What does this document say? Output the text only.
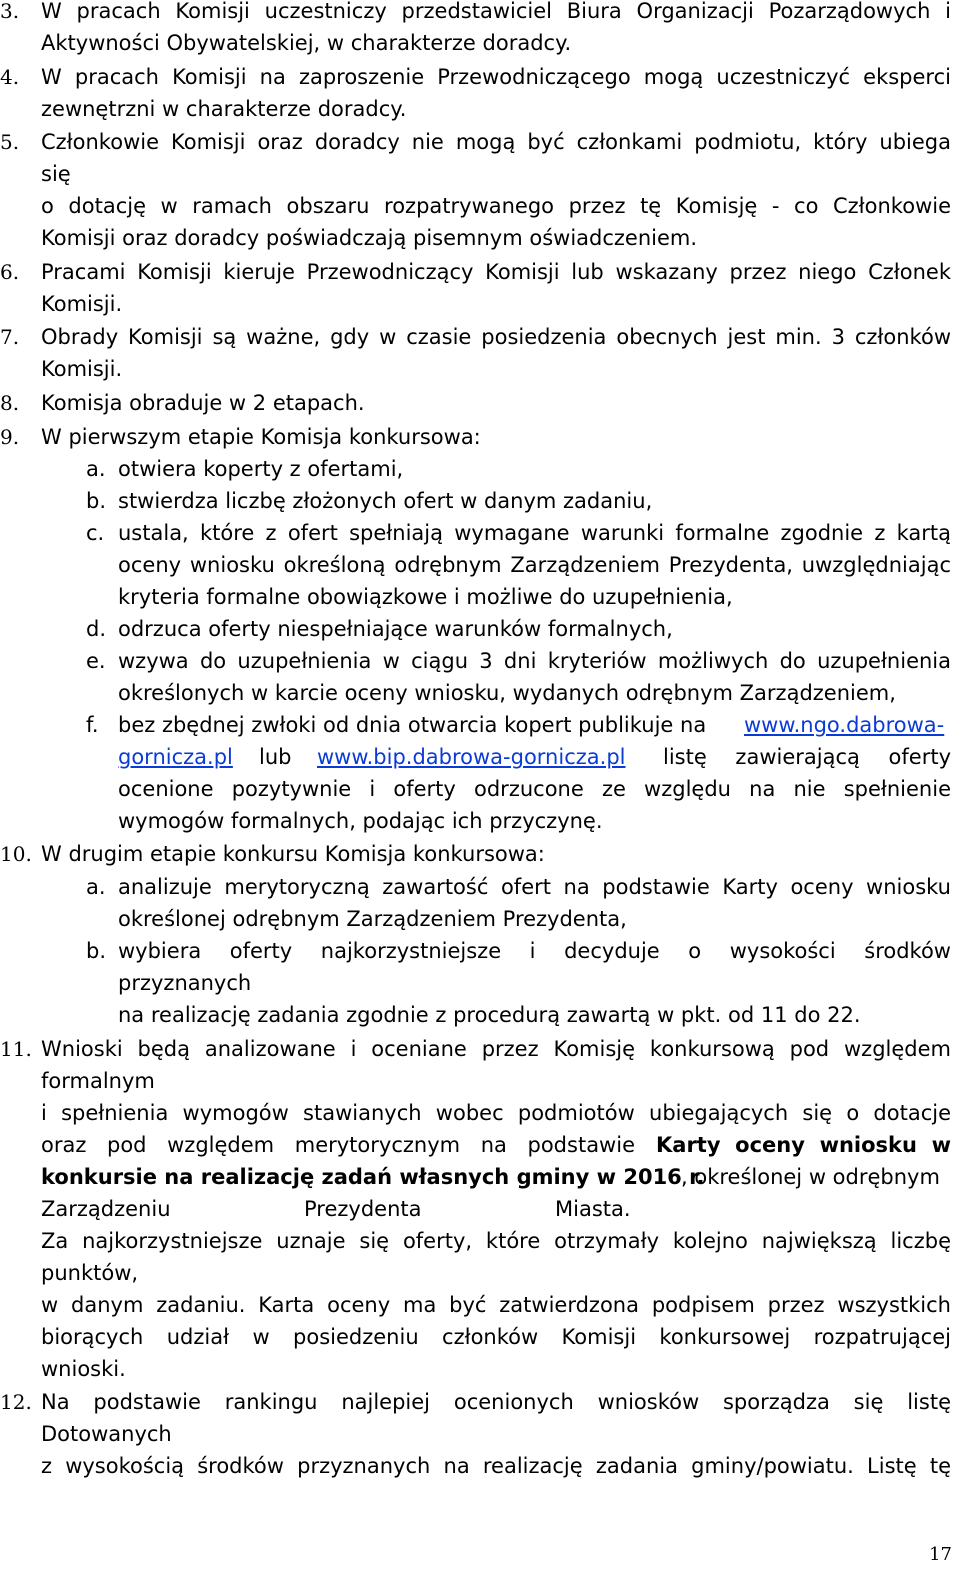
3. W pracach Komisji uczestniczy przedstawiciel Biura Organizacji Pozarządowych i
Aktywności Obywatelskiej, w charakterze doradcy.
4. W pracach Komisji na zaproszenie Przewodniczącego mogą uczestniczyć eksperci
zewnętrzni w charakterze doradcy.
5. Członkowie Komisji oraz doradcy nie mogą być członkami podmiotu, który ubiega
się
o dotację w ramach obszaru rozpatrywanego przez tę Komisję - co Członkowie
Komisji oraz doradcy poświadczają pisemnym oświadczeniem.
6. Pracami Komisji kieruje Przewodniczący Komisji lub wskazany przez niego Członek
Komisji.
7. Obrady Komisji są ważne, gdy w czasie posiedzenia obecnych jest min. 3 członków
Komisji.
8. Komisja obraduje w 2 etapach.
9. W pierwszym etapie Komisja konkursowa:
a. otwiera koperty z ofertami,
b. stwierdza liczbę złożonych ofert w danym zadaniu,
c. ustala, które z ofert spełniają wymagane warunki formalne zgodnie z kartą
oceny wniosku określoną odrębnym Zarządzeniem Prezydenta, uwzględniając
kryteria formalne obowiązkowe i możliwe do uzupełnienia,
d. odrzuca oferty niespełniające warunków formalnych,
e. wzywa do uzupełnienia w ciągu 3 dni kryteriów możliwych do uzupełnienia
określonych w karcie oceny wniosku, wydanych odrębnym Zarządzeniem,
f. bez zbędnej zwłoki od dnia otwarcia kopert publikuje na www.ngo.dabrowa-
gornicza.pl lub www.bip.dabrowa-gornicza.pl listę zawierającą oferty
ocenione pozytywnie i oferty odrzucone ze względu na nie spełnienie
wymogów formalnych, podając ich przyczynę.
10. W drugim etapie konkursu Komisja konkursowa:
a. analizuje merytoryczną zawartość ofert na podstawie Karty oceny wniosku
określonej odrębnym Zarządzeniem Prezydenta,
b. wybiera oferty najkorzystniejsze i decyduje o wysokości środków
przyznanych
na realizację zadania zgodnie z procedurą zawartą w pkt. od 11 do 22.
11. Wnioski będą analizowane i oceniane przez Komisję konkursową pod względem
formalnym
i spełnienia wymogów stawianych wobec podmiotów ubiegających się o dotacje
oraz pod względem merytorycznym na podstawie Karty oceny wniosku w
konkursie na realizację zadań własnych gminy w 2016 r.
, określonej w odrębnym
Zarządzeniu                    Prezydenta                    Miasta.
Za najkorzystniejsze uznaje się oferty, które otrzymały kolejno największą liczbę
punktów,
w danym zadaniu. Karta oceny ma być zatwierdzona podpisem przez wszystkich
biorących udział w posiedzeniu członków Komisji konkursowej rozpatrującej
wnioski.
12. Na podstawie rankingu najlepiej ocenionych wniosków sporządza się listę
Dotowanych
z wysokością środków przyznanych na realizację zadania gminy/powiatu. Listę tę
17
